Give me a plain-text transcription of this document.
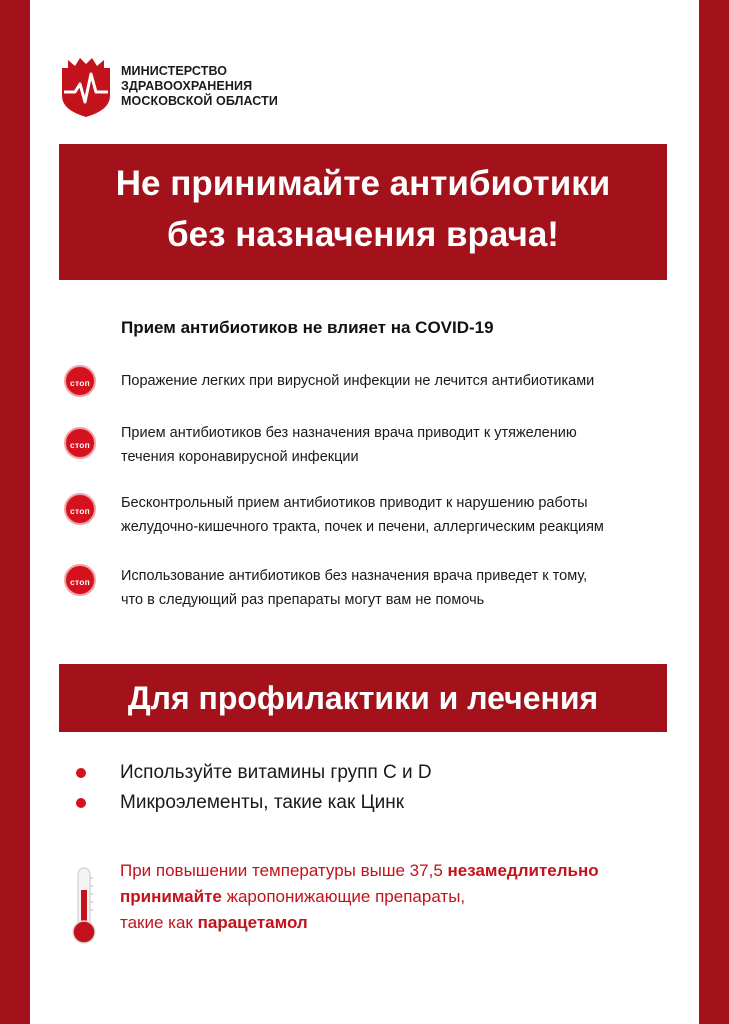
МИНИСТЕРСТВО
ЗДРАВООХРАНЕНИЯ
МОСКОВСКОЙ ОБЛАСТИ
Не принимайте антибиотики
без назначения врача!
Прием антибиотиков не влияет на COVID-19
стоп	Поражение легких при вирусной инфекции не лечится антибиотиками
стоп
Прием антибиотиков без назначения врача приводит к утяжелению
течения коронавирусной инфекции
стоп	Бесконтрольный прием антибиотиков приводит к нарушению работы
желудочно-кишечного тракта, почек и печени, аллергическим реакциям
стоп	Использование антибиотиков без назначения врача приведет к тому,
что в следующий раз препараты могут вам не помочь
Для профилактики и лечения
Используйте витамины групп С и D
Микроэлементы, такие как Цинк
При повышении температуры выше 37,5 незамедлительно
принимайте жаропонижающие препараты,
такие как парацетамол
